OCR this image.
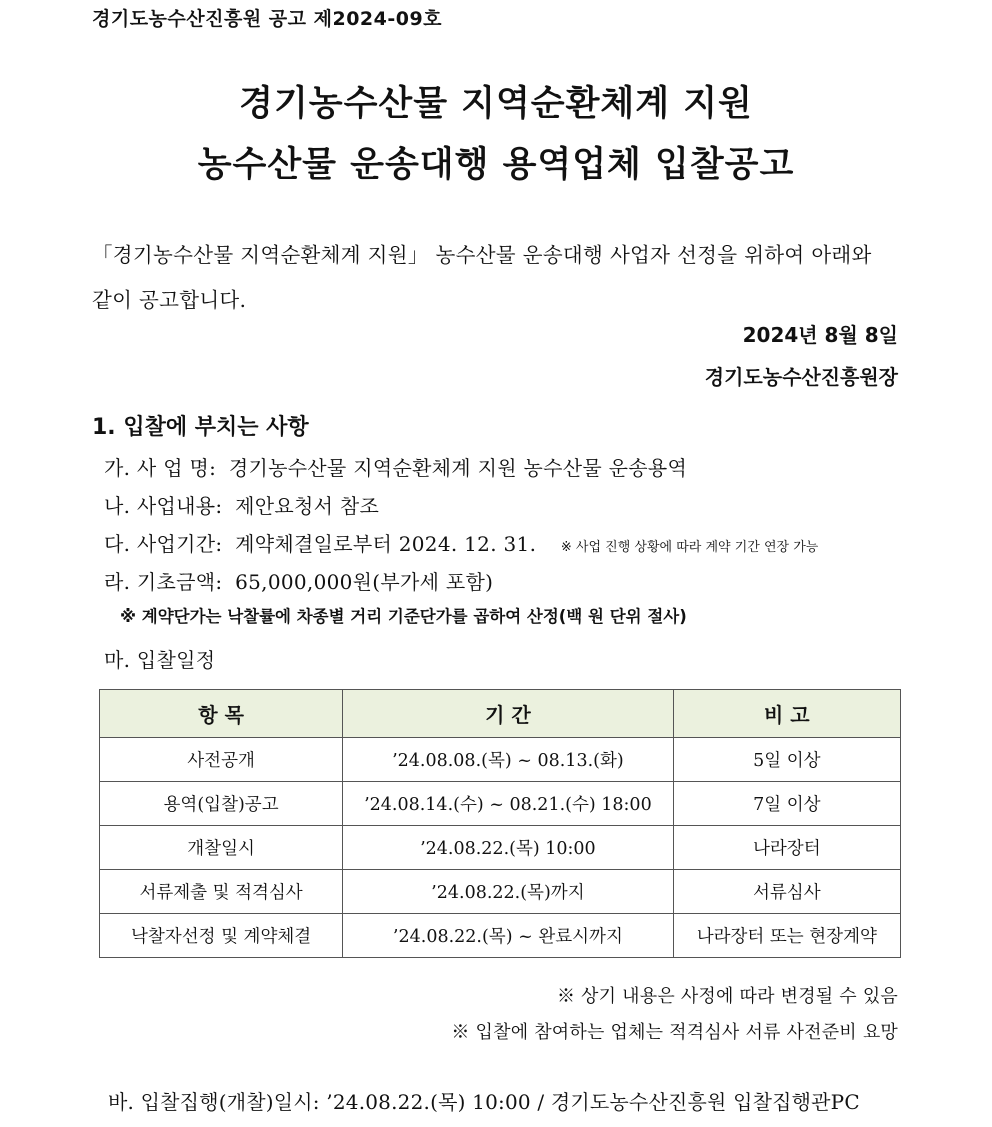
경기도농수산진흥원 공고 제2024-09호
경기농수산물 지역순환체계 지원
농수산물 운송대행 용역업체 입찰공고
「경기농수산물 지역순환체계 지원」 농수산물 운송대행 사업자 선정을 위하여 아래와
같이 공고합니다.
2024년 8월 8일
경기도농수산진흥원장
1. 입찰에 부치는 사항
가. 사 업 명: 경기농수산물 지역순환체계 지원 농수산물 운송용역
나. 사업내용: 제안요청서 참조
다. 사업기간: 계약체결일로부터 2024. 12. 31. ※ 사업 진행 상황에 따라 계약 기간 연장 가능
라. 기초금액: 65,000,000원(부가세 포함)
※ 계약단가는 낙찰률에 차종별 거리 기준단가를 곱하여 산정(백 원 단위 절사)
마. 입찰일정
항 목	기 간	비 고
사전공개	’24.08.08.(목) ~ 08.13.(화)	5일 이상
용역(입찰)공고	’24.08.14.(수) ~ 08.21.(수) 18:00	7일 이상
개찰일시	’24.08.22.(목) 10:00	나라장터
서류제출 및 적격심사	’24.08.22.(목)까지	서류심사
낙찰자선정 및 계약체결	’24.08.22.(목) ~ 완료시까지	나라장터 또는 현장계약
※ 상기 내용은 사정에 따라 변경될 수 있음
※ 입찰에 참여하는 업체는 적격심사 서류 사전준비 요망
바. 입찰집행(개찰)일시: ’24.08.22.(목) 10:00 / 경기도농수산진흥원 입찰집행관PC
